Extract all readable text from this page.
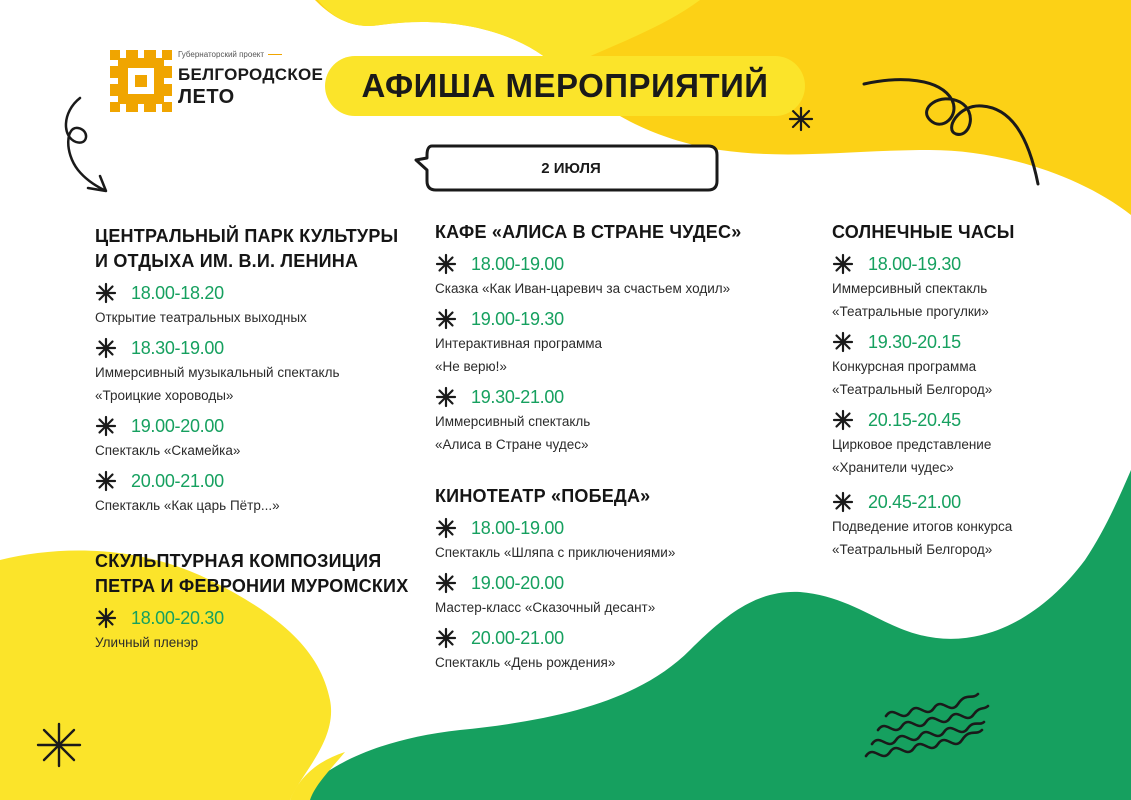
Губернаторский проект
БЕЛГОРОДСКОЕ
ЛЕТО	АФИША МЕРОПРИЯТИЙ
2 ИЮЛЯ
ЦЕНТРАЛЬНЫЙ ПАРК КУЛЬТУРЫ
И ОТДЫХА ИМ. В.И. ЛЕНИНА
18.00-18.20
Открытие театральных выходных
18.30-19.00
Иммерсивный музыкальный спектакль
«Троицкие хороводы»
19.00-20.00
Спектакль «Скамейка»
20.00-21.00
Спектакль «Как царь Пётр...»
СКУЛЬПТУРНАЯ КОМПОЗИЦИЯ
ПЕТРА И ФЕВРОНИИ МУРОМСКИХ
18.00-20.30
Уличный пленэр
КАФЕ «АЛИСА В СТРАНЕ ЧУДЕС»
18.00-19.00
Сказка «Как Иван-царевич за счастьем ходил»
19.00-19.30
Интерактивная программа
«Не верю!»
19.30-21.00
Иммерсивный спектакль
«Алиса в Стране чудес»
КИНОТЕАТР «ПОБЕДА»
18.00-19.00
Спектакль «Шляпа с приключениями»
19.00-20.00
Мастер-класс «Сказочный десант»
20.00-21.00
Спектакль «День рождения»
СОЛНЕЧНЫЕ ЧАСЫ
18.00-19.30
Иммерсивный спектакль
«Театральные прогулки»
19.30-20.15
Конкурсная программа
«Театральный Белгород»
20.15-20.45
Цирковое представление
«Хранители чудес»
20.45-21.00
Подведение итогов конкурса
«Театральный Белгород»
